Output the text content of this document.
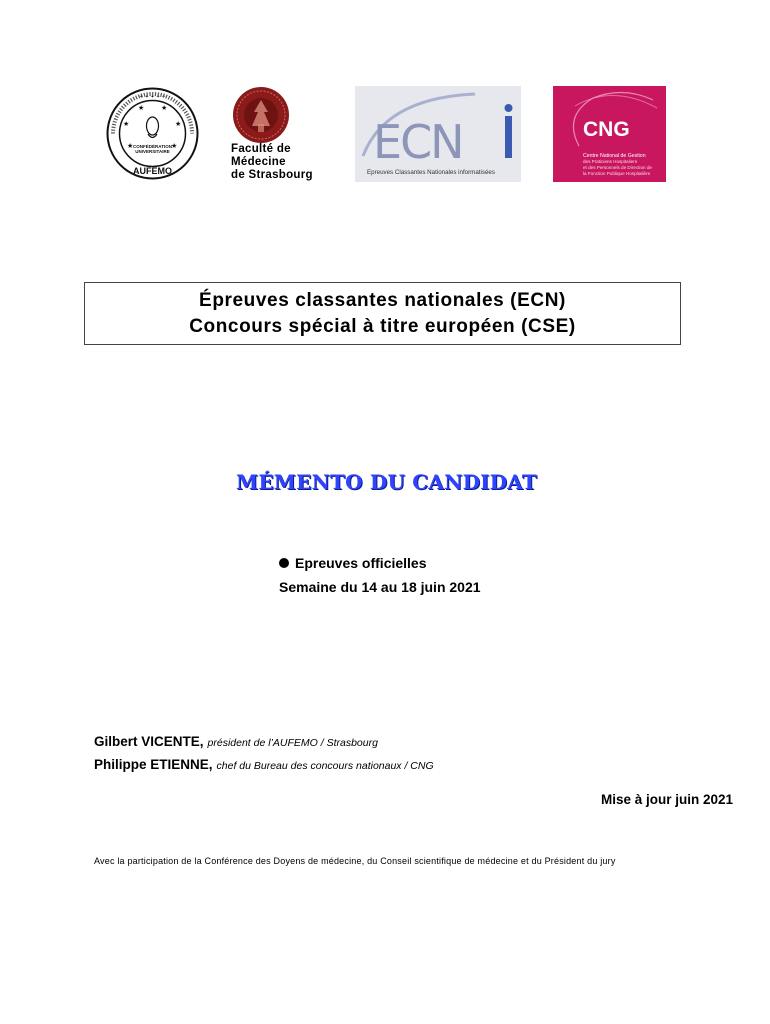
✦ ✦ ✦ ✦ ✦
★	★
★	★
★ ★
CONFÉDÉRATION
UNIVERSITAIRE
AUFEMO
Faculté de
Médecine
de Strasbourg
ECN
Epreuves Classantes Nationales informatisées
CNG
Centre National de Gestion
des Praticiens Hospitaliers
et des Personnels de Direction de
la Fonction Publique Hospitalière
Épreuves classantes nationales (ECN)
Concours spécial à titre européen (CSE)
MÉMENTO DU CANDIDAT
Epreuves officielles
Semaine du 14 au 18 juin 2021
Gilbert VICENTE, président de l’AUFEMO / Strasbourg
Philippe ETIENNE, chef du Bureau des concours nationaux / CNG
Mise à jour juin 2021
Avec la participation de la Conférence des Doyens de médecine, du Conseil scientifique de médecine et du Président du jury
